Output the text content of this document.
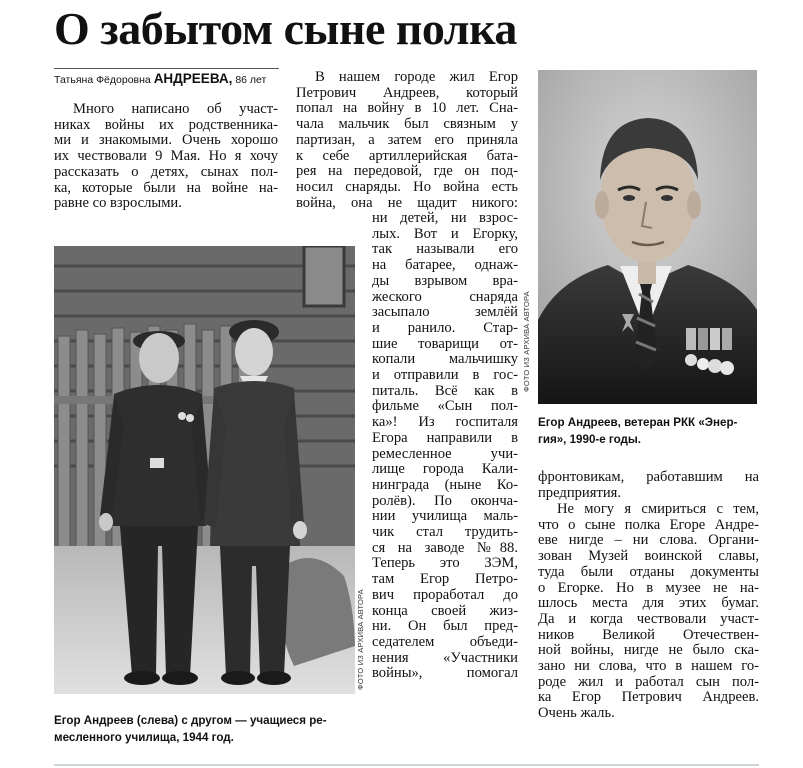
О забытом сыне полка
Татьяна Фёдоровна АНДРЕЕВА, 86 лет
Много написано об участ-
никах войны их родственника-
ми и знакомыми. Очень хорошо
их чествовали 9 Мая. Но я хочу
рассказать о детях, сынах пол-
ка, которые были на войне на-
равне со взрослыми.
В нашем городе жил Егор
Петрович Андреев, который
попал на войну в 10 лет. Сна-
чала мальчик был связным у
партизан, а затем его приняла
к себе артиллерийская бата-
рея на передовой, где он под-
носил снаряды. Но война есть
война, она не щадит никого:
ни детей, ни взрос-
лых. Вот и Егорку,
так называли его
на батарее, однаж-
ды взрывом вра-
жеского снаряда
засыпало землёй
и ранило. Стар-
шие товарищи от-
копали мальчишку
и отправили в гос-
питаль. Всё как в
фильме «Сын пол-
ка»! Из госпиталя
Егора направили в
ремесленное учи-
лище города Кали-
нинграда (ныне Ко-
ролёв). По оконча-
нии училища маль-
чик стал трудить-
ся на заводе №88.
Теперь это ЗЭМ,
там Егор Петро-
вич проработал до
конца своей жиз-
ни. Он был пред-
седателем объеди-
нения «Участники
войны», помогал
фронтовикам, работавшим на
предприятия.
Не могу я смириться с тем,
что о сыне полка Егоре Андре-
еве нигде – ни слова. Органи-
зован Музей воинской славы,
туда были отданы документы
о Егорке. Но в музее не на-
шлось места для этих бумаг.
Да и когда чествовали участ-
ников Великой Отечествен-
ной войны, нигде не было ска-
зано ни слова, что в нашем го-
роде жил и работал сын пол-
ка Егор Петрович Андреев.
Очень жаль.
ФОТО ИЗ АРХИВА АВТОРА
Егор Андреев, ветеран РКК «Энер-
гия», 1990-е годы.
ФОТО ИЗ АРХИВА АВТОРА
Егор Андреев (слева) с другом — учащиеся ре-
месленного училища, 1944 год.
